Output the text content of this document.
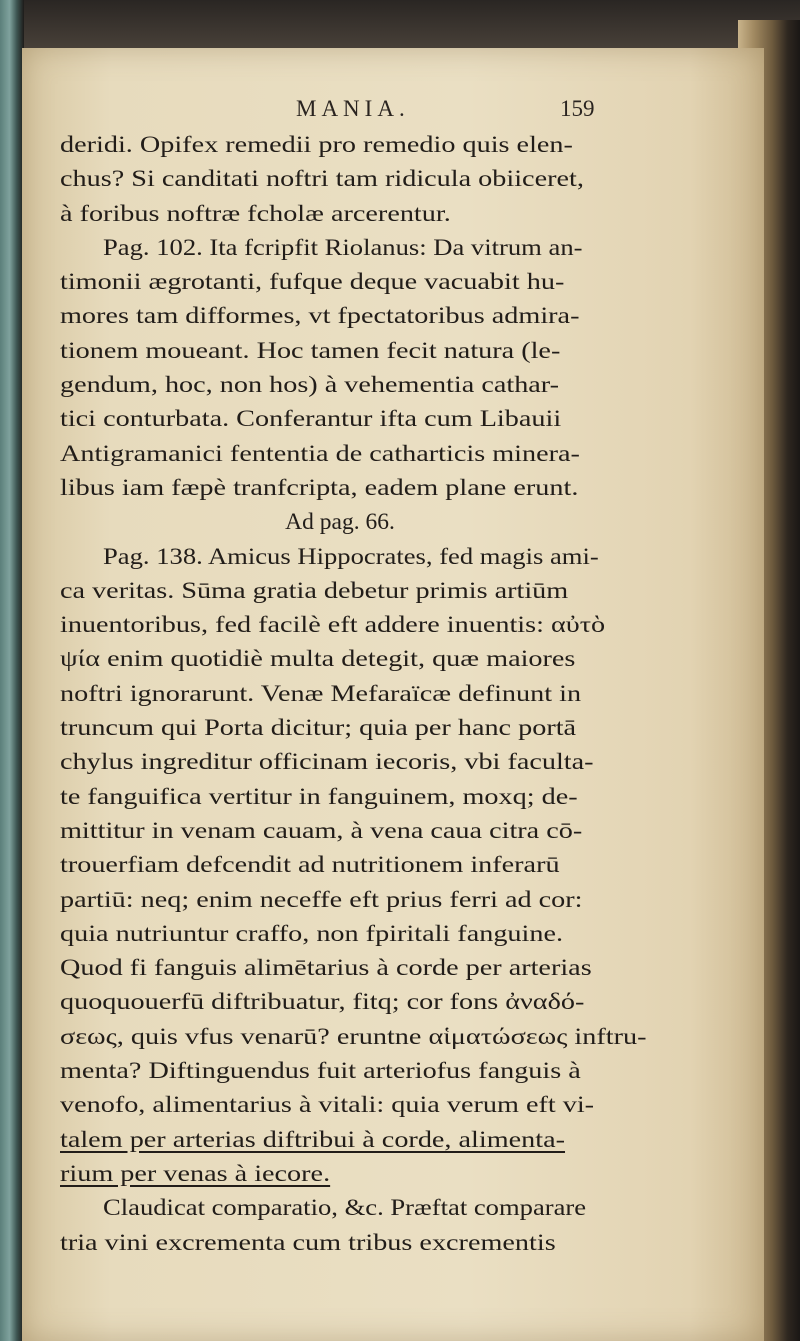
MANIA.	159
deridi. Opifex remedii pro remedio quis elen-
chus? Si canditati noftri tam ridicula obiiceret,
à foribus noftræ fcholæ arcerentur.
Pag. 102. Ita fcripfit Riolanus: Da vitrum an-
timonii ægrotanti, fufque deque vacuabit hu-
mores tam difformes, vt fpectatoribus admira-
tionem moueant. Hoc tamen fecit natura (le-
gendum, hoc, non hos) à vehementia cathar-
tici conturbata. Conferantur ifta cum Libauii
Antigramanici fententia de catharticis minera-
libus iam fæpè tranfcripta, eadem plane erunt.
Ad pag. 66.
Pag. 138. Amicus Hippocrates, fed magis ami-
ca veritas. Sūma gratia debetur primis artiūm
inuentoribus, fed facilè eft addere inuentis: αὐτὸ
ψία enim quotidiè multa detegit, quæ maiores
noftri ignorarunt. Venæ Mefaraïcæ definunt in
truncum qui Porta dicitur; quia per hanc portā
chylus ingreditur officinam iecoris, vbi faculta-
te fanguifica vertitur in fanguinem, moxq; de-
mittitur in venam cauam, à vena caua citra cō-
trouerfiam defcendit ad nutritionem inferarū
partiū: neq; enim neceffe eft prius ferri ad cor:
quia nutriuntur craffo, non fpiritali fanguine.
Quod fi fanguis alimētarius à corde per arterias
quoquouerfū diftribuatur, fitq; cor fons ἀναδό-
σεως, quis vfus venarū? eruntne αἱματώσεως inftru-
menta? Diftinguendus fuit arteriofus fanguis à
venofo, alimentarius à vitali: quia verum eft vi-
talem per arterias diftribui à corde, alimenta-
rium per venas à iecore.
Claudicat comparatio, &c. Præftat comparare
tria vini excrementa cum tribus excrementis
